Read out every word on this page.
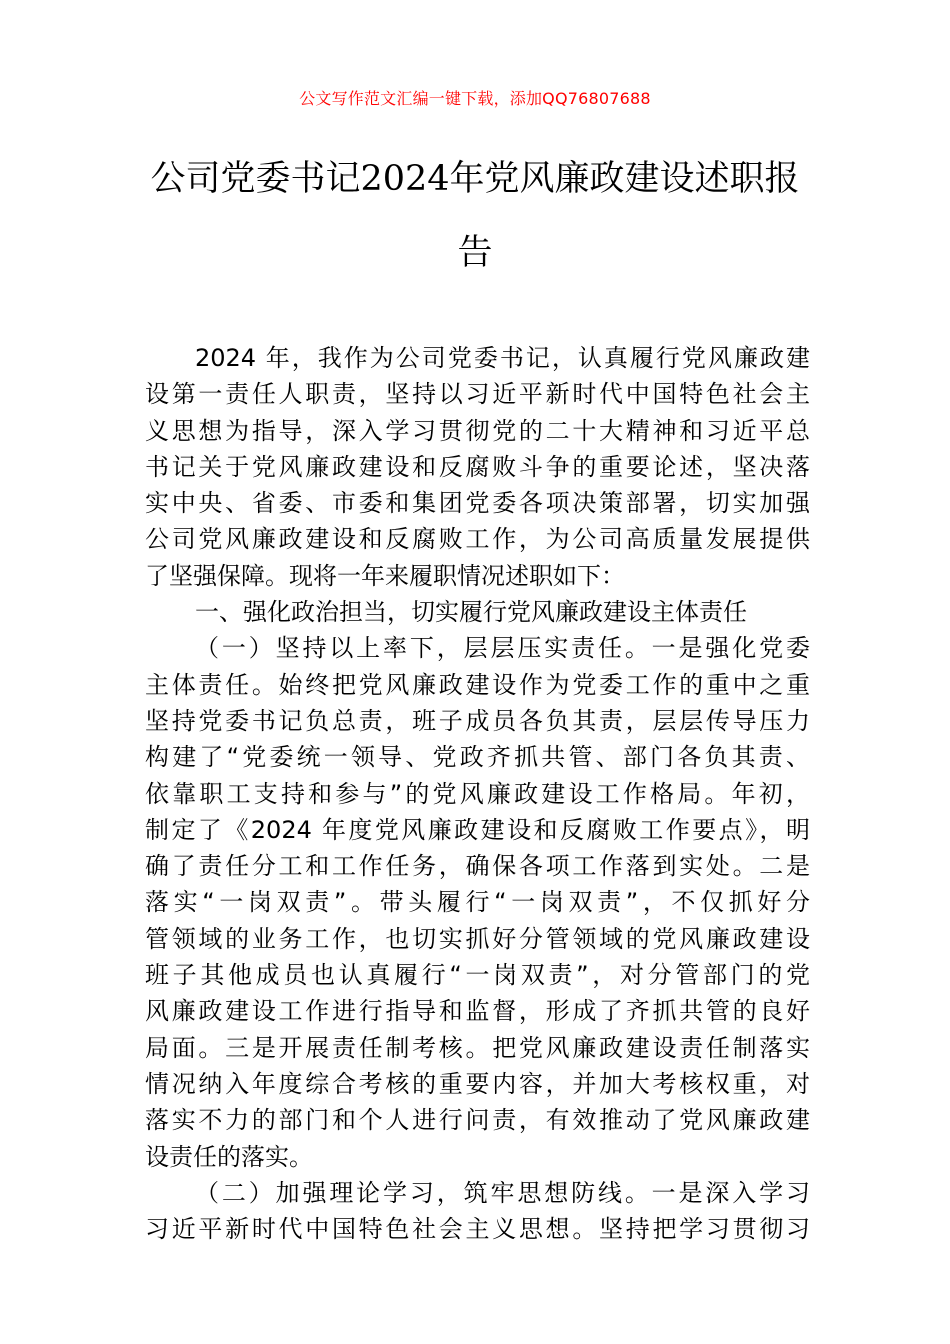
公文写作范文汇编一键下载，添加QQ76807688
公司党委书记2024年党风廉政建设述职报
告
2024 年，我作为公司党委书记，认真履行党风廉政建
设第一责任人职责，坚持以习近平新时代中国特色社会主
义思想为指导，深入学习贯彻党的二十大精神和习近平总
书记关于党风廉政建设和反腐败斗争的重要论述，坚决落
实中央、省委、市委和集团党委各项决策部署，切实加强
公司党风廉政建设和反腐败工作，为公司高质量发展提供
了坚强保障。现将一年来履职情况述职如下：
一、强化政治担当，切实履行党风廉政建设主体责任
（一）坚持以上率下，层层压实责任。一是强化党委
主体责任。始终把党风廉政建设作为党委工作的重中之重
坚持党委书记负总责，班子成员各负其责，层层传导压力
构建了“党委统一领导、党政齐抓共管、部门各负其责、
依靠职工支持和参与”的党风廉政建设工作格局。年初，
制定了《2024 年度党风廉政建设和反腐败工作要点》，明
确了责任分工和工作任务，确保各项工作落到实处。二是
落实“一岗双责”。带头履行“一岗双责”，不仅抓好分
管领域的业务工作，也切实抓好分管领域的党风廉政建设
班子其他成员也认真履行“一岗双责”，对分管部门的党
风廉政建设工作进行指导和监督，形成了齐抓共管的良好
局面。三是开展责任制考核。把党风廉政建设责任制落实
情况纳入年度综合考核的重要内容，并加大考核权重，对
落实不力的部门和个人进行问责，有效推动了党风廉政建
设责任的落实。
（二）加强理论学习，筑牢思想防线。一是深入学习
习近平新时代中国特色社会主义思想。坚持把学习贯彻习
